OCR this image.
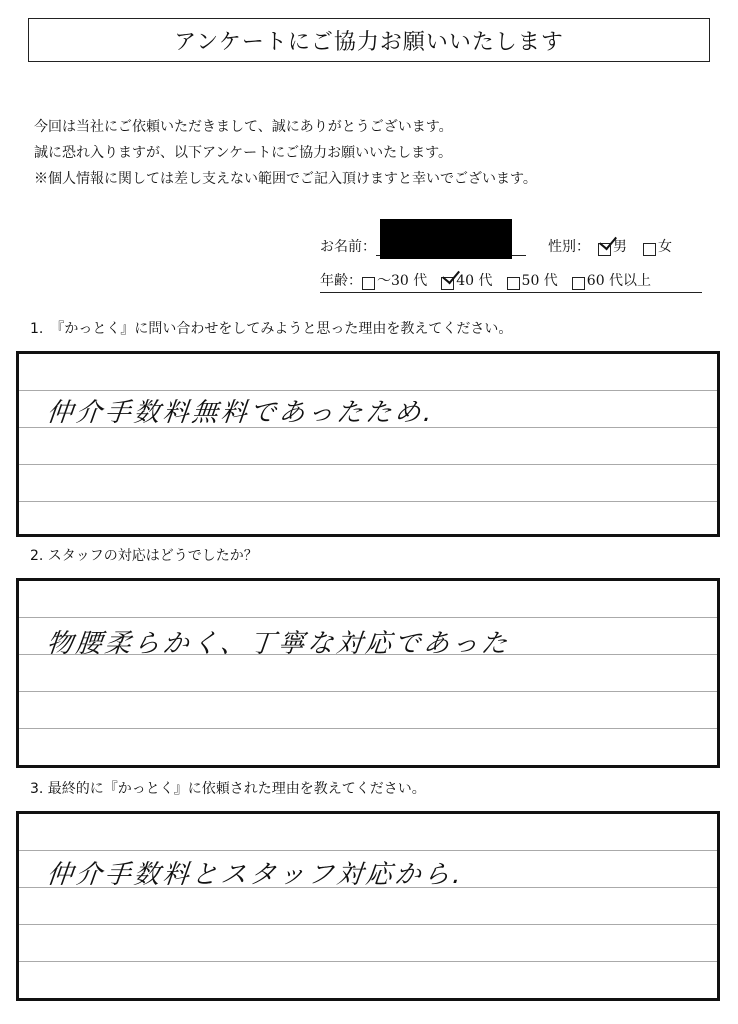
アンケートにご協力お願いいたします

今回は当社にご依頼いただきまして、誠にありがとうございます。

誠に恐れ入りますが、以下アンケートにご協力お願いいたします。

※個人情報に関しては差し支えない範囲でご記入頂けますと幸いでございます。

お名前：	性別： 男 女
年齢： ～30 代 40 代 50 代 60 代以上
1.　『かっとく』に問い合わせをしてみようと思った理由を教えてください。
仲介手数料無料であったため.
2. スタッフの対応はどうでしたか？
物腰柔らかく、丁寧な対応であった
3. 最終的に『かっとく』に依頼された理由を教えてください。
仲介手数料とスタッフ対応から.
